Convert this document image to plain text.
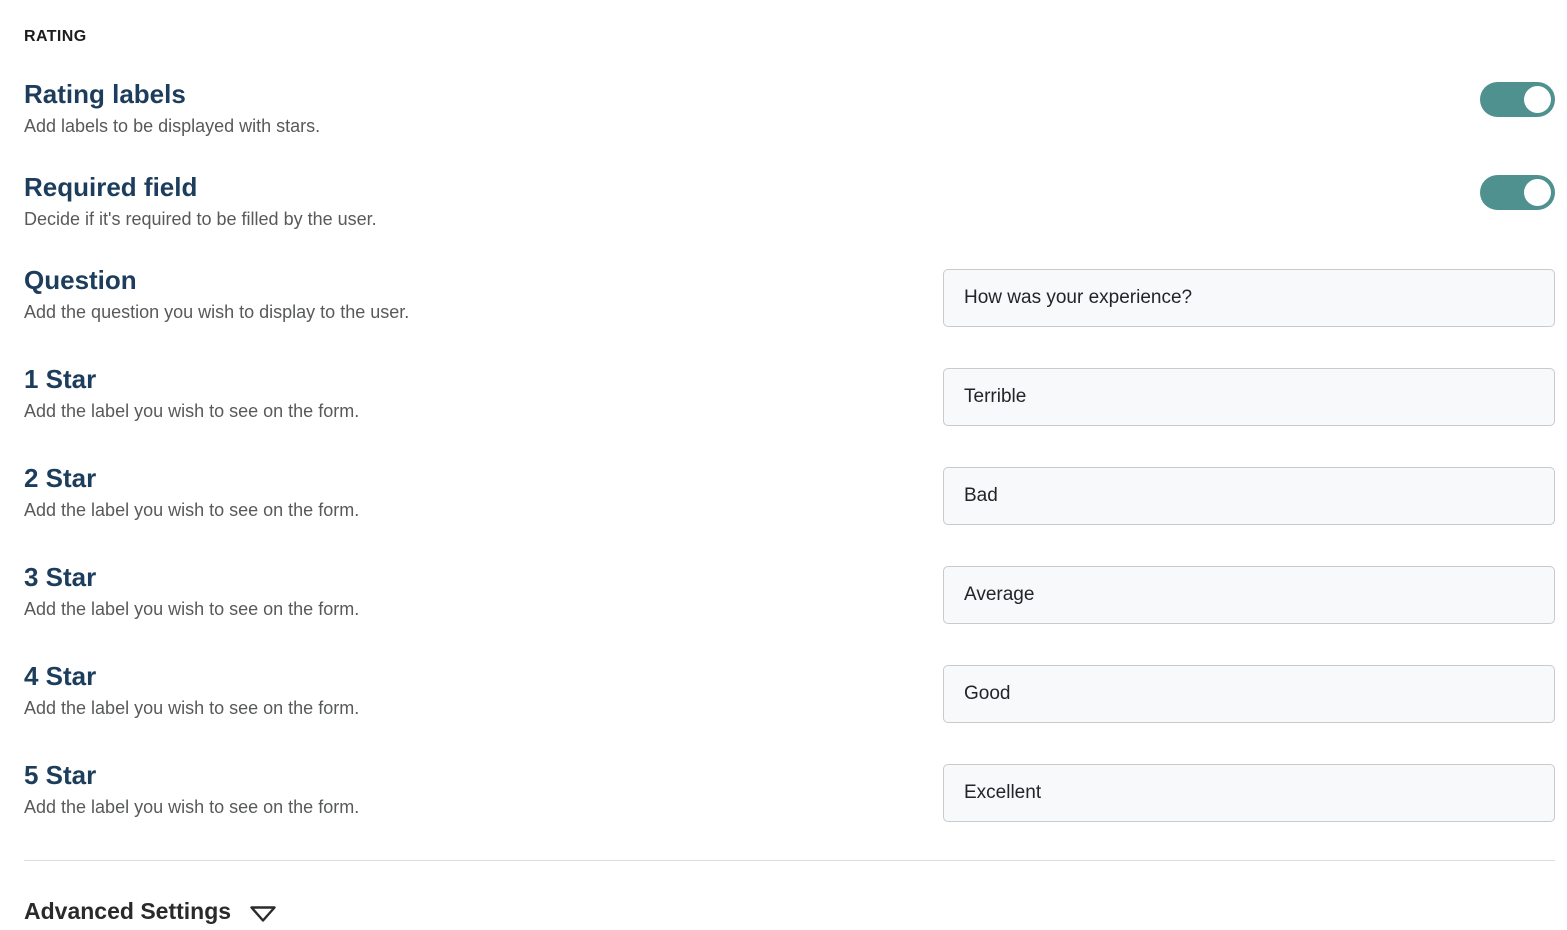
RATING
Rating labels
Add labels to be displayed with stars.
Required field
Decide if it's required to be filled by the user.
Question
Add the question you wish to display to the user.
How was your experience?
1 Star
Add the label you wish to see on the form.
Terrible
2 Star
Add the label you wish to see on the form.
Bad
3 Star
Add the label you wish to see on the form.
Average
4 Star
Add the label you wish to see on the form.
Good
5 Star
Add the label you wish to see on the form.
Excellent
Advanced Settings
